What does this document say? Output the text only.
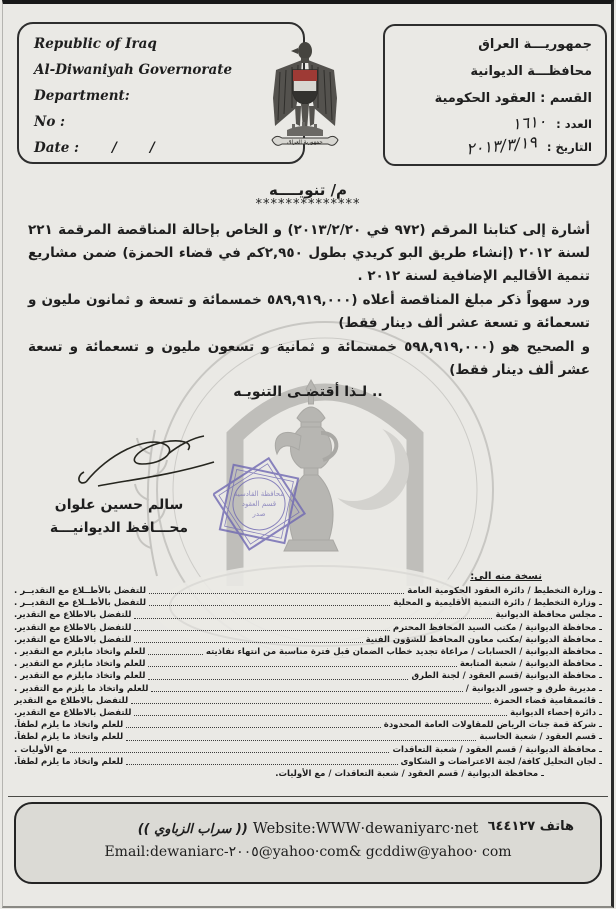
Republic of Iraq
Al-Diwaniyah Governorate
Department:
No :
Date :       /       /
جمهوريـــة العراق
محافظـــة الديوانية
القسم : العقود الحكومية
العدد :
١٦١٠
التاريخ :
٢٠١٣/٣/١٩
جمهورية العراق
م/ تنويــــه
**************

أشارة إلى كتابنا المرقم (٩٧٢ في ٢٠١٣/٢/٢٠) و الخاص بإحالة المناقصة المرقمة ٢٢١ لسنة ٢٠١٢ (إنشاء طريق البو كريدي بطول ٢,٩٥٠كم في قضاء الحمزة) ضمن مشاريع تنمية الأقاليم الإضافية لسنة ٢٠١٢ .

ورد سهواً ذكر مبلغ المناقصة أعلاه (٥٨٩,٩١٩,٠٠٠ خمسمائة و تسعة و ثمانون مليون و تسعمائة و تسعة عشر ألف دينار فقط)

و الصحيح هو (٥٩٨,٩١٩,٠٠٠ خمسمائة و ثمانية و تسعون مليون و تسعمائة و تسعة عشر ألف دينار فقط)

لـذا أقتضـى التنويـه ..
سالم حسين علوان
محـــافظ الديوانيـــة
محافظة القادسية
قسم العقود
صدر
نسخة منه الى:
ـ
وزارة التخطيط / دائرة العقود الحكومية العامة
للتفضل بالأطــلاع مع التقديــر .
ـ
وزارة التخطيط / دائرة التنمية الأقليمية و المحلية
للتفضل بالأطــلاع مع التقديــر .
ـ
مجلس محافظة الديوانية
للتفضل بالاطلاع مع التقدير.
ـ
محافظة الديوانية / مكتب السيد المحافظ المحترم
للتفضل بالاطلاع مع التقدير.
ـ
محافظة الديوانية /مكتب معاون المحافظ للشؤون الفنية
للتفضل بالاطلاع مع التقدير.
ـ
محافظة الديوانية / الحسابات / مراعاة تجديد خطاب الضمان قبل فترة مناسبة من انتهاء نفاذيته
للعلم واتخاذ مايلزم مع التقدير .
ـ
محافظة الديوانية / شعبة المتابعة
للعلم واتخاذ مايلزم مع التقدير .
ـ
محافظة الديوانية /قسم العقود / لجنة الطرق
للعلم واتخاذ مايلزم مع التقدير .
ـ
مديرية طرق و جسور الديوانية /
للعلم واتخاذ ما يلزم مع التقدير .
ـ
قائممقامية قضاء الحمزة
للتفضل بالاطلاع مع التقدير
ـ
دائرة إحصاء الديوانية
للتفضل بالاطلاع مع التقدير.
ـ
شركة قمة جنات الرياض للمقاولات العامة المحدودة
للعلم واتخاذ ما يلزم لطفاً.
ـ
قسم العقود / شعبة الحاسبة
للعلم واتخاذ ما يلزم لطفاً.
ـ
محافظة الديوانية / قسم العقود / شعبة التعاقدات
مع الأوليات .
ـ
لجان التحليل كافة/ لجنة الاعتراضات و الشكاوى
للعلم واتخاذ ما يلزم لطفاً.
ـ
محافظة الديوانية / قسم العقود / شعبة التعاقدات / مع الأوليات.
(( سراب الزباوي )) Website:WWW·dewaniyarc·net هاتف ٦٤٤١٢٧
Email:dewaniarc-٢٠٠٥@yahoo·com& gcddiw@yahoo· com
